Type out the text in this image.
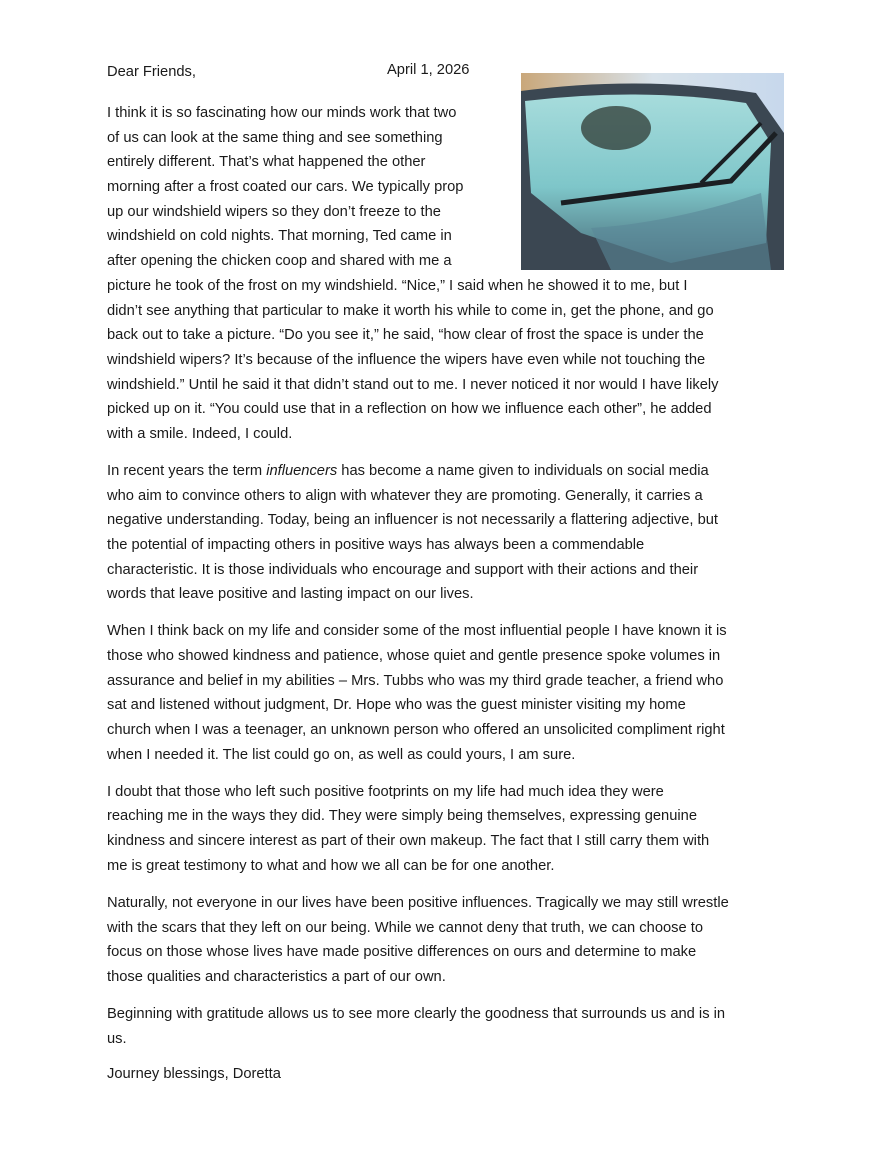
Dear Friends,	April 1, 2026
I think it is so fascinating how our minds work that two
of us can look at the same thing and see something
entirely different. That’s what happened the other
morning after a frost coated our cars. We typically prop
up our windshield wipers so they don’t freeze to the
windshield on cold nights. That morning, Ted came in
after opening the chicken coop and shared with me a
picture he took of the frost on my windshield. “Nice,” I said when he showed it to me, but I
didn’t see anything that particular to make it worth his while to come in, get the phone, and go
back out to take a picture. “Do you see it,” he said, “how clear of frost the space is under the
windshield wipers? It’s because of the influence the wipers have even while not touching the
windshield.” Until he said it that didn’t stand out to me. I never noticed it nor would I have likely
picked up on it. “You could use that in a reflection on how we influence each other”, he added
with a smile. Indeed, I could.
In recent years the term influencers has become a name given to individuals on social media
who aim to convince others to align with whatever they are promoting. Generally, it carries a
negative understanding. Today, being an influencer is not necessarily a flattering adjective, but
the potential of impacting others in positive ways has always been a commendable
characteristic. It is those individuals who encourage and support with their actions and their
words that leave positive and lasting impact on our lives.
When I think back on my life and consider some of the most influential people I have known it is
those who showed kindness and patience, whose quiet and gentle presence spoke volumes in
assurance and belief in my abilities – Mrs. Tubbs who was my third grade teacher, a friend who
sat and listened without judgment, Dr. Hope who was the guest minister visiting my home
church when I was a teenager, an unknown person who offered an unsolicited compliment right
when I needed it. The list could go on, as well as could yours, I am sure.
I doubt that those who left such positive footprints on my life had much idea they were
reaching me in the ways they did. They were simply being themselves, expressing genuine
kindness and sincere interest as part of their own makeup. The fact that I still carry them with
me is great testimony to what and how we all can be for one another.
Naturally, not everyone in our lives have been positive influences. Tragically we may still wrestle
with the scars that they left on our being. While we cannot deny that truth, we can choose to
focus on those whose lives have made positive differences on ours and determine to make
those qualities and characteristics a part of our own.
Beginning with gratitude allows us to see more clearly the goodness that surrounds us and is in
us.
Journey blessings, Doretta
